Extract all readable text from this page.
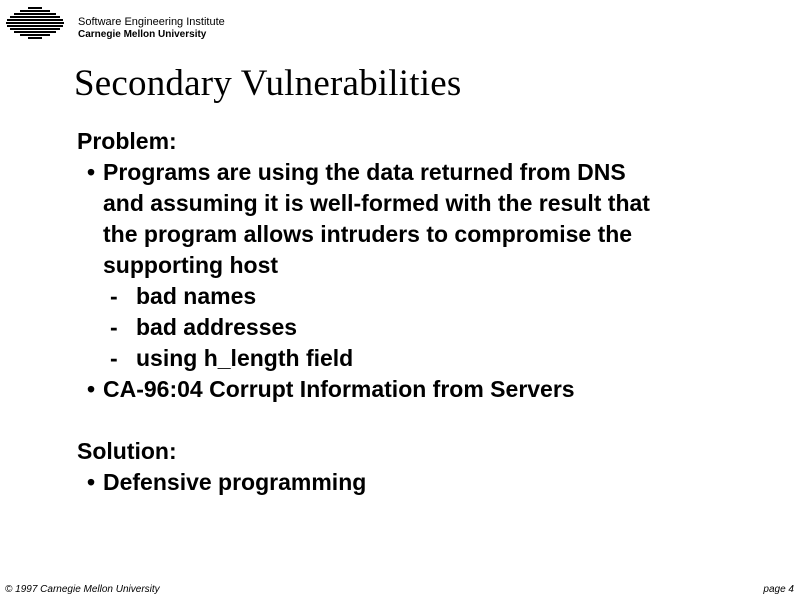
Software Engineering Institute
Carnegie Mellon University
Secondary Vulnerabilities

Problem:

• Programs are using the data returned from DNS
and assuming it is well-formed with the result that
the program allows intruders to compromise the
supporting host

- bad names

- bad addresses

- using h_length field

• CA-96:04 Corrupt Information from Servers

Solution:

• Defensive programming
© 1997 Carnegie Mellon University	page 4
